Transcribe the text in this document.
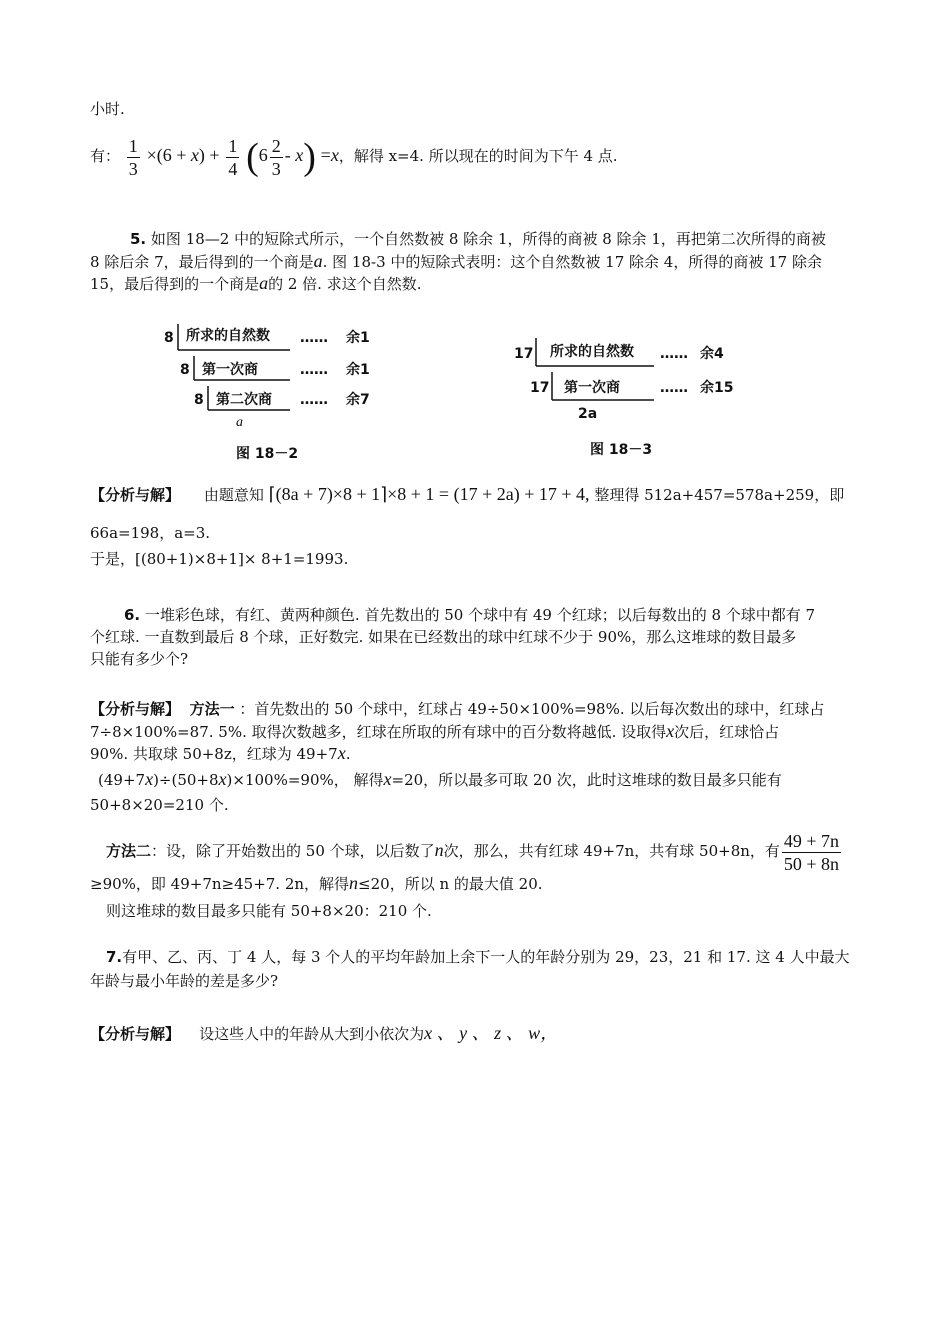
小时.
有： $\frac{1}{3} \times(6 + x) + \frac{1}{4} (6 \frac{2}{3} - x) =x$，解得 x=4. 所以现在的时间为下午 4 点.
5. 如图 18—2 中的短除式所示，一个自然数被 8 除余 1，所得的商被 8 除余 1，再把第二次所得的商被
8 除后余 7，最后得到的一个商是a. 图 18-3 中的短除式表明：这个自然数被 17 除余 4，所得的商被 17 除余
15，最后得到的一个商是a的 2 倍. 求这个自然数.
8 所求的自然数 …… 余1
8 第一次商	…… 余1
8 第二次商 …… 余7
a
图 18－2
17 所求的自然数 …… 余4
17 第一次商	…… 余15
2a
图 18－3
【分析与解】 由题意知 ⌈(8a + 7)×8 + 1⌉×8 + 1 = (17 + 2a) + 17 + 4, 整理得 512a+457=578a+259，即
66a=198，a=3.
于是，[(80+1)×8+1]× 8+1=1993.
6. 一堆彩色球，有红、黄两种颜色. 首先数出的 50 个球中有 49 个红球；以后每数出的 8 个球中都有 7
个红球. 一直数到最后 8 个球，正好数完. 如果在已经数出的球中红球不少于 90%，那么这堆球的数目最多
只能有多少个?
【分析与解】 方法一 ：首先数出的 50 个球中，红球占 49÷50×100%=98%. 以后每次数出的球中，红球占
7÷8×100%=87. 5%. 取得次数越多，红球在所取的所有球中的百分数将越低. 设取得x次后，红球恰占
90%. 共取球 50+8z，红球为 49+7x.
(49+7x)÷(50+8x)×100%=90%， 解得x=20，所以最多可取 20 次，此时这堆球的数目最多只能有
50+8×20=210 个.
方法二：设，除了开始数出的 50 个球，以后数了n次，那么，共有红球 49+7n，共有球 50+8n，有 $\frac{49 + 7n}{50 + 8n}$
≥90%，即 49+7n≥45+7. 2n，解得n≤20，所以 n 的最大值 20.
则这堆球的数目最多只能有 50+8×20：210 个.
7.有甲、乙、丙、丁 4 人，每 3 个人的平均年龄加上余下一人的年龄分别为 29，23，21 和 17. 这 4 人中最大
年龄与最小年龄的差是多少?
【分析与解】 设这些人中的年龄从大到小依次为x 、 y 、 z 、 w，
